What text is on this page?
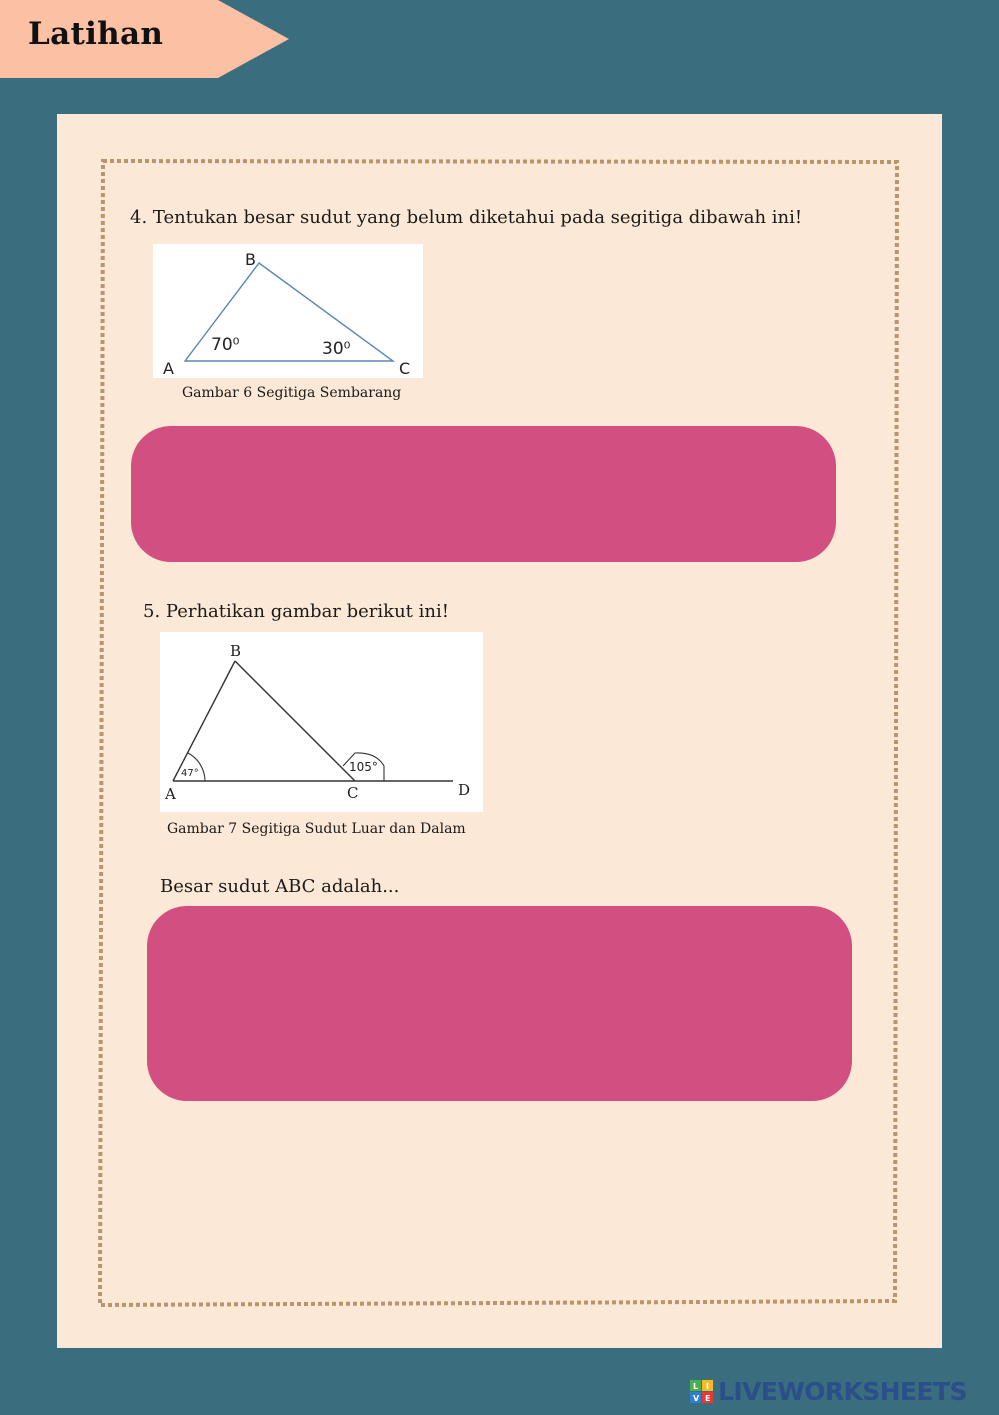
Latihan
4. Tentukan besar sudut yang belum diketahui pada segitiga dibawah ini!
B
A	C
70⁰	30⁰
Gambar 6 Segitiga Sembarang
5. Perhatikan gambar berikut ini!
B
A	C	D
47°	105°
Gambar 7 Segitiga Sudut Luar dan Dalam
Besar sudut ABC adalah...
L I
V E LIVEWORKSHEETS
